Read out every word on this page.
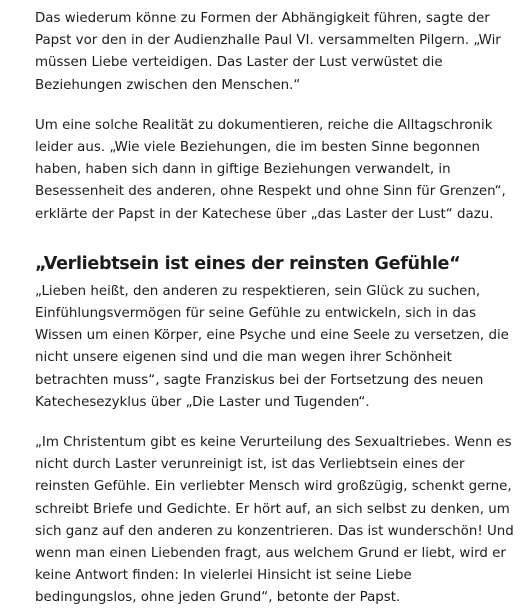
Das wiederum könne zu Formen der Abhängigkeit führen, sagte der Papst vor den in der Audienzhalle Paul VI. versammelten Pilgern. „Wir müssen Liebe verteidigen. Das Laster der Lust verwüstet die Beziehungen zwischen den Menschen.“

Um eine solche Realität zu dokumentieren, reiche die Alltagschronik leider aus. „Wie viele Beziehungen, die im besten Sinne begonnen haben, haben sich dann in giftige Beziehungen verwandelt, in Besessenheit des anderen, ohne Respekt und ohne Sinn für Grenzen“, erklärte der Papst in der Katechese über „das Laster der Lust“ dazu.

„Verliebtsein ist eines der reinsten Gefühle“

„Lieben heißt, den anderen zu respektieren, sein Glück zu suchen, Einfühlungsvermögen für seine Gefühle zu entwickeln, sich in das Wissen um einen Körper, eine Psyche und eine Seele zu versetzen, die nicht unsere eigenen sind und die man wegen ihrer Schönheit betrachten muss“, sagte Franziskus bei der Fortsetzung des neuen Katechesezyklus über „Die Laster und Tugenden“.

„Im Christentum gibt es keine Verurteilung des Sexualtriebes. Wenn es nicht durch Laster verunreinigt ist, ist das Verliebtsein eines der reinsten Gefühle. Ein verliebter Mensch wird großzügig, schenkt gerne, schreibt Briefe und Gedichte. Er hört auf, an sich selbst zu denken, um sich ganz auf den anderen zu konzentrieren. Das ist wunderschön! Und wenn man einen Liebenden fragt, aus welchem Grund er liebt, wird er keine Antwort finden: In vielerlei Hinsicht ist seine Liebe bedingungslos, ohne jeden Grund“, betonte der Papst.
